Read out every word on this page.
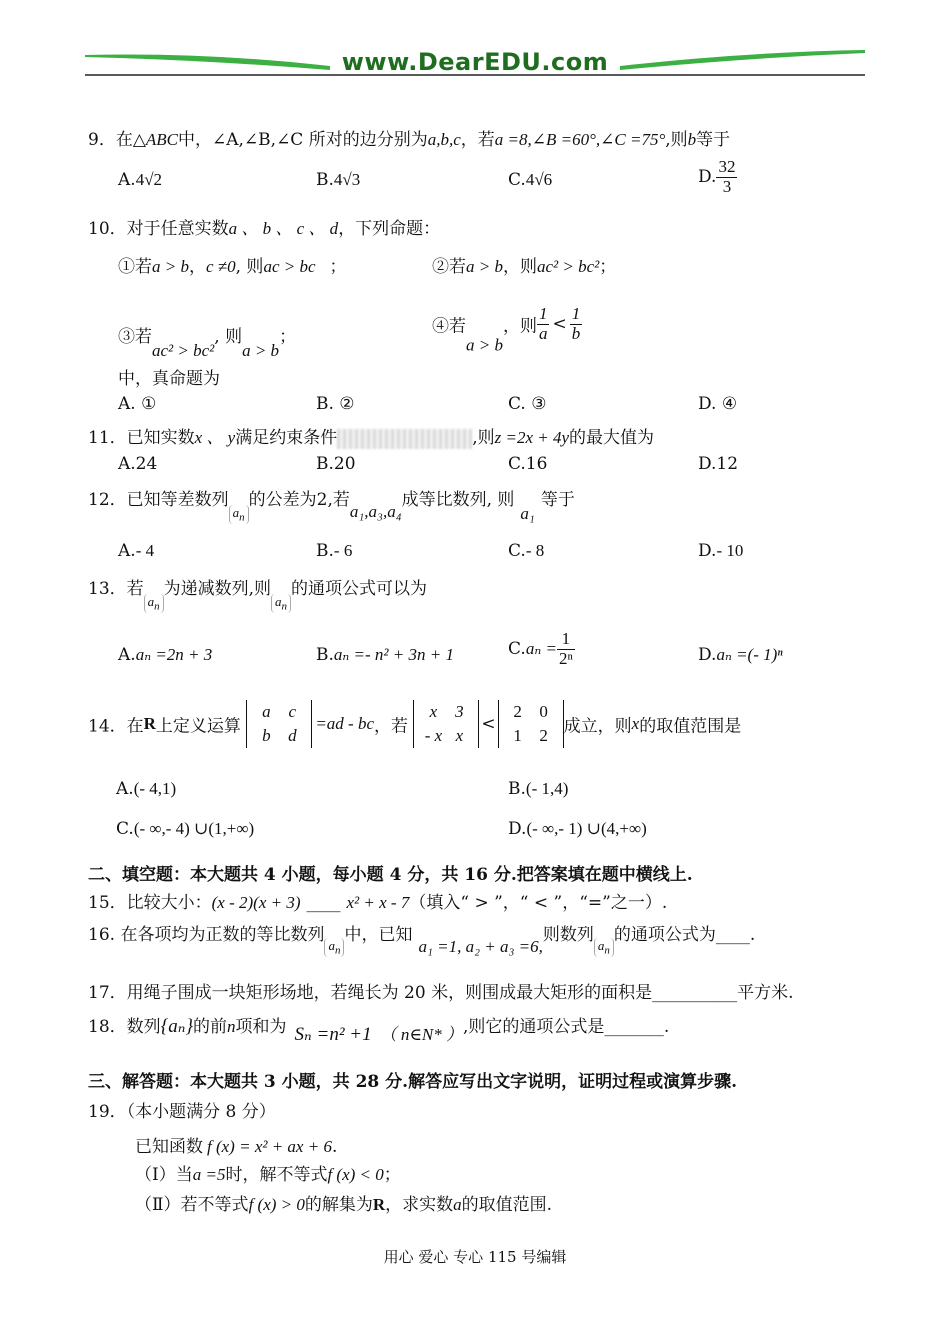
www.DearEDU.com
9．在△ABC中，∠A,∠B,∠C 所对的边分别为a,b,c，若a =8,∠B =60°,∠C =75°,则b等于
A.4√2	B.4√3	C.4√6	D. $\frac{32}{3}$
10．对于任意实数a 、 b 、 c 、 d，下列命题：
①若a > b，c ≠0, 则ac > bc ；	②若a > b，则ac² > bc²；
③若ac² > bc², 则a > b；
④若a > b，则 $\frac{1}{a} < \frac{1}{b}$
中，真命题为
A. ①	B. ②	C. ③	D. ④
11．已知实数x 、 y满足约束条件	,则z =2x + 4y的最大值为
A.24	B.20	C.16	D.12
12．已知等差数列$a_n$的公差为2,若a₁,a₃,a₄成等比数列, 则a₁等于
A.- 4	B.- 6	C.- 8	D.- 10
13．若$a_n$为递减数列,则$a_n$的通项公式可以为
A.aₙ =2n + 3	B.aₙ =- n² + 3n + 1	$C.a_n = \frac{1}{\text{2ⁿ}}$	D.aₙ =(- 1)ⁿ
14．在R上定义运算 a c
b d=ad - bc，若 x 3
- x x<2 0
1 2 成立，则x的取值范围是
A.(- 4,1)	B.(- 1,4)
C.(- ∞,- 4) ∪(1,+∞)	D.(- ∞,- 1) ∪(4,+∞)
二、填空题：本大题共 4 小题，每小题 4 分，共 16 分.把答案填在题中横线上.
15．比较大小：(x - 2)(x + 3) ____ x² + x - 7（填入“ > ”，“ < ”，“=”之一）.
16. 在各项均为正数的等比数列$a_n$中，已知a₁ =1, a₂ + a₃ =6,则数列$a_n$的通项公式为____.
17．用绳子围成一块矩形场地，若绳长为 20 米，则围成最大矩形的面积是__________平方米.
18．数列{aₙ}的前n项和为 Sₙ =n² +1 （ n∈N* ）,则它的通项公式是_______.
三、解答题：本大题共 3 小题，共 28 分.解答应写出文字说明，证明过程或演算步骤.
19．（本小题满分 8 分）
已知函数 f (x) = x² + ax + 6.
（Ⅰ）当a =5时，解不等式f (x) < 0；
（Ⅱ）若不等式f (x) > 0的解集为R，求实数a的取值范围.
用心 爱心 专心 115 号编辑
